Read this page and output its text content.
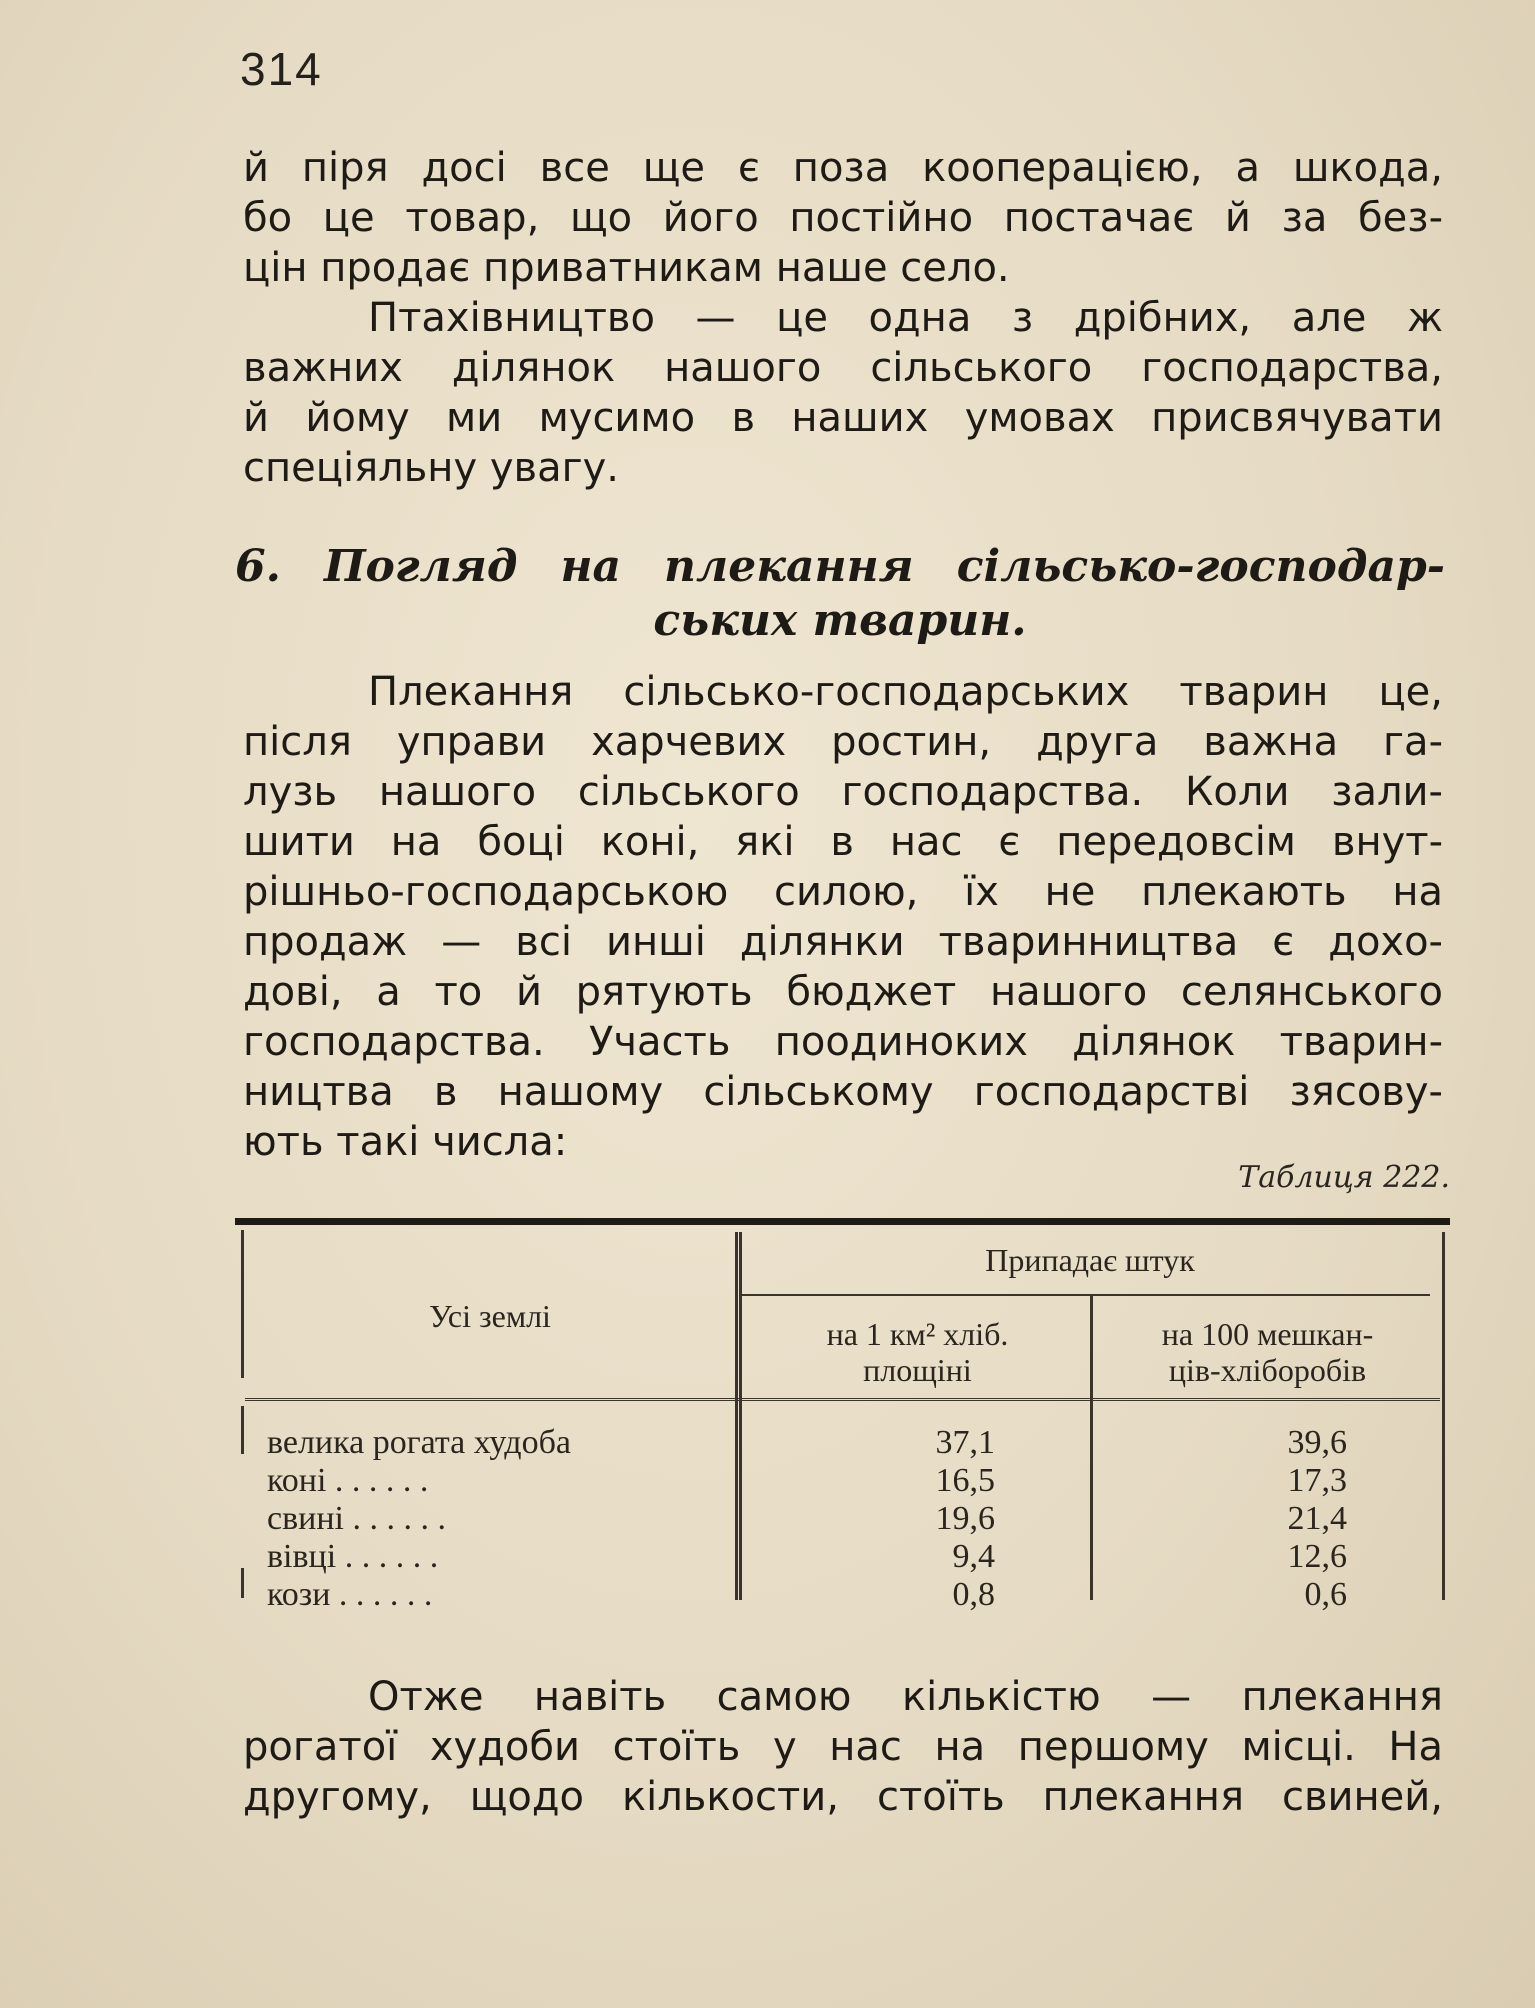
314
й піря досі все ще є поза кооперацією, а шкода,
бо це товар, що його постійно постачає й за без-
цін продає приватникам наше село.
Птахівництво — це одна з дрібних, але ж
важних ділянок нашого сільського господарства,
й йому ми мусимо в наших умовах присвячувати
спеціяльну увагу.
6. Погляд на плекання сільсько-господар-
ських тварин.
Плекання сільсько-господарських тварин це,
після управи харчевих ростин, друга важна га-
лузь нашого сільського господарства. Коли зали-
шити на боці коні, які в нас є передовсім внут-
рішньо-господарською силою, їх не плекають на
продаж — всі инші ділянки тваринництва є дохо-
дові, а то й рятують бюджет нашого селянського
господарства. Участь поодиноких ділянок тварин-
ництва в нашому сільському господарстві зясову-
ють такі числа:
Таблиця 222.
Усі землі
Припадає штук
на 1 км² хліб.
площіні
на 100 мешкан-
ців-хліборобів
велика рогата худоба	37,1	39,6
коні . . . . . .	16,5	17,3
свині . . . . . .	19,6	21,4
вівці . . . . . .	9,4	12,6
кози . . . . . .	0,8	0,6
Отже навіть самою кількістю — плекання
рогатої худоби стоїть у нас на першому місці. На
другому, щодо кількости, стоїть плекання свиней,
